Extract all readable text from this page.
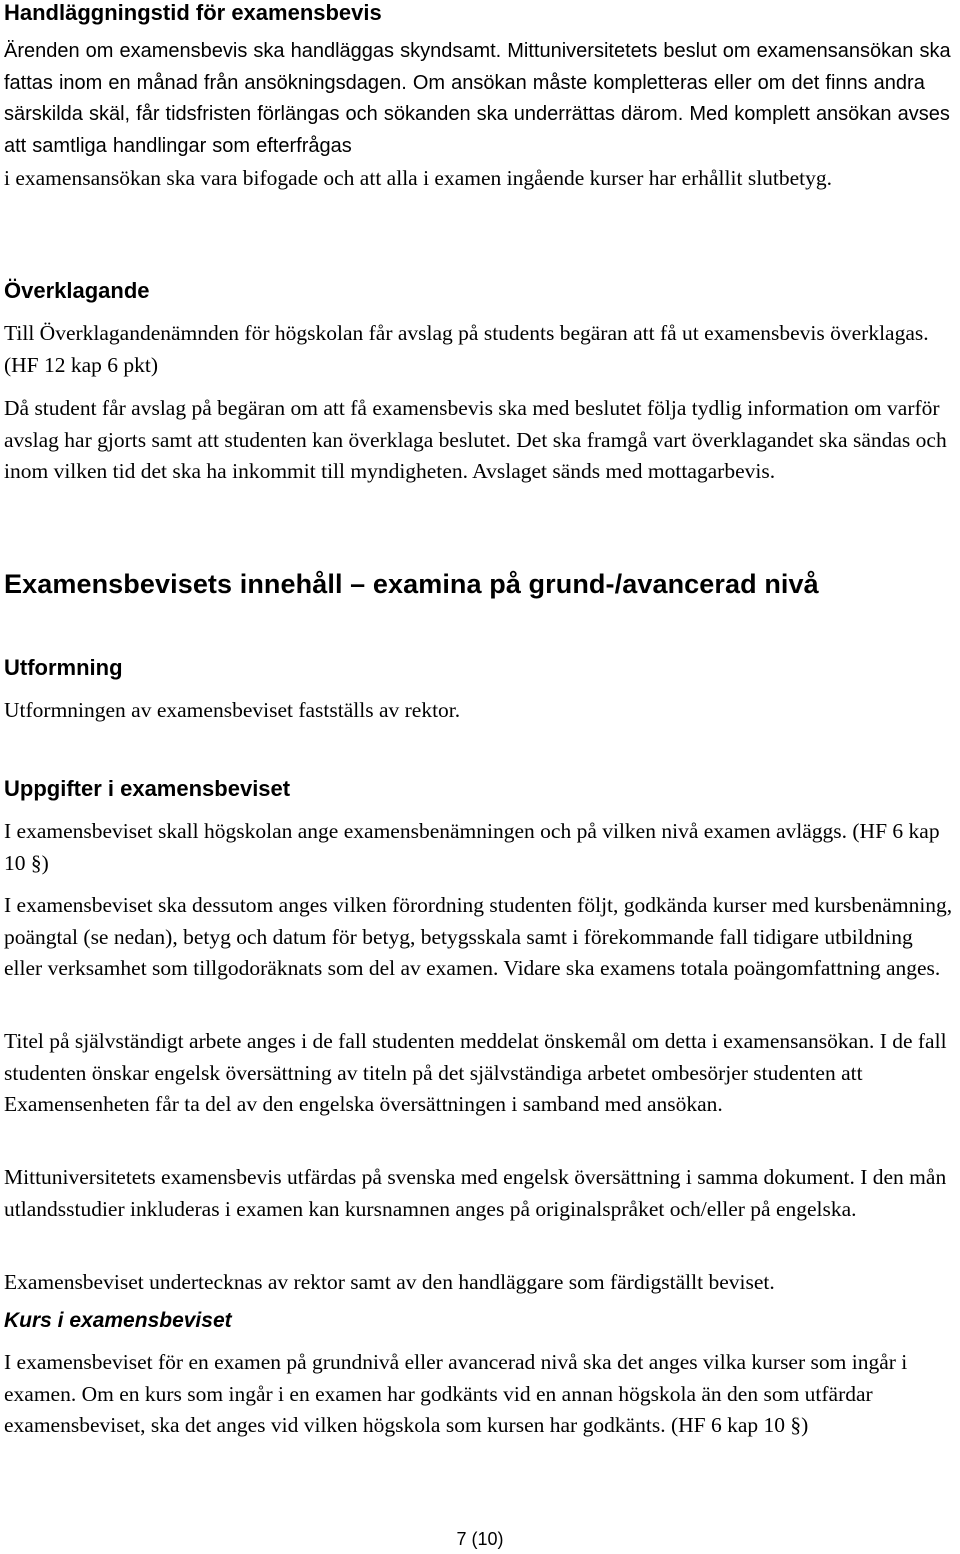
Handläggningstid för examensbevis

Ärenden om examensbevis ska handläggas skyndsamt. Mittuniversitetets beslut om examensansökan ska fattas inom en månad från ansökningsdagen. Om ansökan måste kompletteras eller om det finns andra särskilda skäl, får tidsfristen förlängas och sökanden ska underrättas därom. Med komplett ansökan avses att samtliga handlingar som efterfrågas

i examensansökan ska vara bifogade och att alla i examen ingående kurser har erhållit slutbetyg.

Överklagande

Till Överklagandenämnden för högskolan får avslag på students begäran att få ut examensbevis överklagas. (HF 12 kap 6 pkt)

Då student får avslag på begäran om att få examensbevis ska med beslutet följa tydlig information om varför avslag har gjorts samt att studenten kan överklaga beslutet. Det ska framgå vart överklagandet ska sändas och inom vilken tid det ska ha inkommit till myndigheten. Avslaget sänds med mottagarbevis.

Examensbevisets innehåll – examina på grund-/avancerad nivå
Utformning

Utformningen av examensbeviset fastställs av rektor.

Uppgifter i examensbeviset

I examensbeviset skall högskolan ange examensbenämningen och på vilken nivå examen avläggs. (HF 6 kap 10 §)

I examensbeviset ska dessutom anges vilken förordning studenten följt, godkända kurser med kursbenämning, poängtal (se nedan), betyg och datum för betyg, betygsskala samt i förekommande fall tidigare utbildning eller verksamhet som tillgodoräknats som del av examen. Vidare ska examens totala poängomfattning anges.

Titel på självständigt arbete anges i de fall studenten meddelat önskemål om detta i examensansökan. I de fall studenten önskar engelsk översättning av titeln på det självständiga arbetet ombesörjer studenten att Examensenheten får ta del av den engelska översättningen i samband med ansökan.

Mittuniversitetets examensbevis utfärdas på svenska med engelsk översättning i samma dokument. I den mån utlandsstudier inkluderas i examen kan kursnamnen anges på originalspråket och/eller på engelska.

Examensbeviset undertecknas av rektor samt av den handläggare som färdigställt beviset.

Kurs i examensbeviset

I examensbeviset för en examen på grundnivå eller avancerad nivå ska det anges vilka kurser som ingår i examen. Om en kurs som ingår i en examen har godkänts vid en annan högskola än den som utfärdar examensbeviset, ska det anges vid vilken högskola som kursen har godkänts. (HF 6 kap 10 §)

7 (10)
